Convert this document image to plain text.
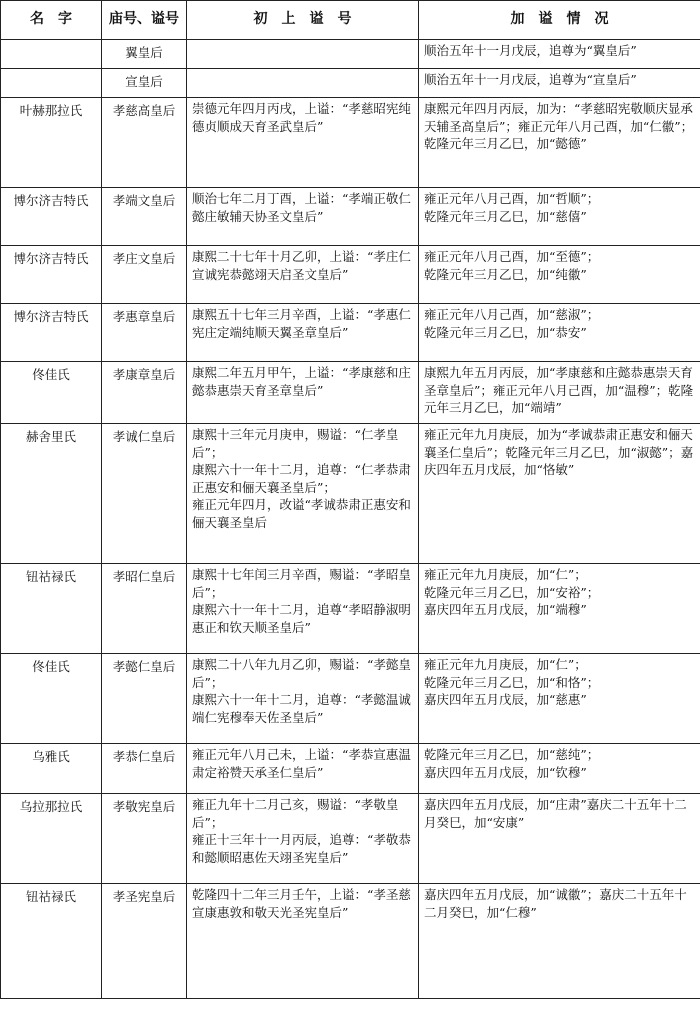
名　字	庙号、谥号	初　上　谥　号	加　谥　情　况
	翼皇后		顺治五年十一月戊辰，追尊为“翼皇后”

	宣皇后		顺治五年十一月戊辰，追尊为“宣皇后”

叶赫那拉氏	孝慈高皇后	崇德元年四月丙戌，上谥：“孝慈昭宪纯德贞顺成天育圣武皇后”	康熙元年四月丙辰，加为：“孝慈昭宪敬顺庆显承天辅圣高皇后”；雍正元年八月己酉，加“仁徽”；
乾隆元年三月乙巳，加“懿德”

博尔济吉特氏	孝端文皇后	顺治七年二月丁酉，上谥：“孝端正敬仁懿庄敏辅天协圣文皇后”	雍正元年八月己酉，加“哲顺”；
乾隆元年三月乙巳，加“慈僖”

博尔济吉特氏	孝庄文皇后	康熙二十七年十月乙卯，上谥：“孝庄仁宣诚宪恭懿翊天启圣文皇后”	雍正元年八月己酉，加“至德”；
乾隆元年三月乙巳，加“纯徽”

博尔济吉特氏	孝惠章皇后	康熙五十七年三月辛酉，上谥：“孝惠仁宪庄定端纯顺天翼圣章皇后”	雍正元年八月己酉，加“慈淑”；
乾隆元年三月乙巳，加“恭安”

佟佳氏	孝康章皇后	康熙二年五月甲午，上谥：“孝康慈和庄懿恭惠崇天育圣章皇后”	康熙九年五月丙辰，加“孝康慈和庄懿恭惠崇天育圣章皇后”；雍正元年八月己酉，加“温穆”；乾隆元年三月乙巳，加“端靖”

赫舍里氏	孝诚仁皇后	康熙十三年元月庚申，赐谥：“仁孝皇后”；
康熙六十一年十二月，追尊：“仁孝恭肃正惠安和俪天襄圣皇后”；
雍正元年四月，改谥“孝诚恭肃正惠安和俪天襄圣皇后	雍正元年九月庚辰，加为“孝诚恭肃正惠安和俪天襄圣仁皇后”；乾隆元年三月乙巳，加“淑懿”；嘉庆四年五月戊辰，加“恪敏”

钮祜禄氏	孝昭仁皇后	康熙十七年闰三月辛酉，赐谥：“孝昭皇后”；
康熙六十一年十二月，追尊“孝昭静淑明惠正和钦天顺圣皇后”	雍正元年九月庚辰，加“仁”；
乾隆元年三月乙巳，加“安裕”；
嘉庆四年五月戊辰，加“端穆”

佟佳氏	孝懿仁皇后	康熙二十八年九月乙卯，赐谥：“孝懿皇后”；
康熙六十一年十二月，追尊：“孝懿温诚端仁宪穆奉天佐圣皇后”	雍正元年九月庚辰，加“仁”；
乾隆元年三月乙巳，加“和恪”；
嘉庆四年五月戊辰，加“慈惠”

乌雅氏	孝恭仁皇后	雍正元年八月己未，上谥：“孝恭宣惠温肃定裕赞天承圣仁皇后”	乾隆元年三月乙巳，加“慈纯”；
嘉庆四年五月戊辰，加“钦穆”

乌拉那拉氏	孝敬宪皇后	雍正九年十二月己亥，赐谥：“孝敬皇后”；
雍正十三年十一月丙辰，追尊：“孝敬恭和懿顺昭惠佐天翊圣宪皇后”	嘉庆四年五月戊辰，加“庄肃”嘉庆二十五年十二月癸巳，加“安康”

钮祜禄氏	孝圣宪皇后	乾隆四十二年三月壬午，上谥：“孝圣慈宣康惠敦和敬天光圣宪皇后”	嘉庆四年五月戊辰，加“诚徽”；嘉庆二十五年十二月癸巳，加“仁穆”
